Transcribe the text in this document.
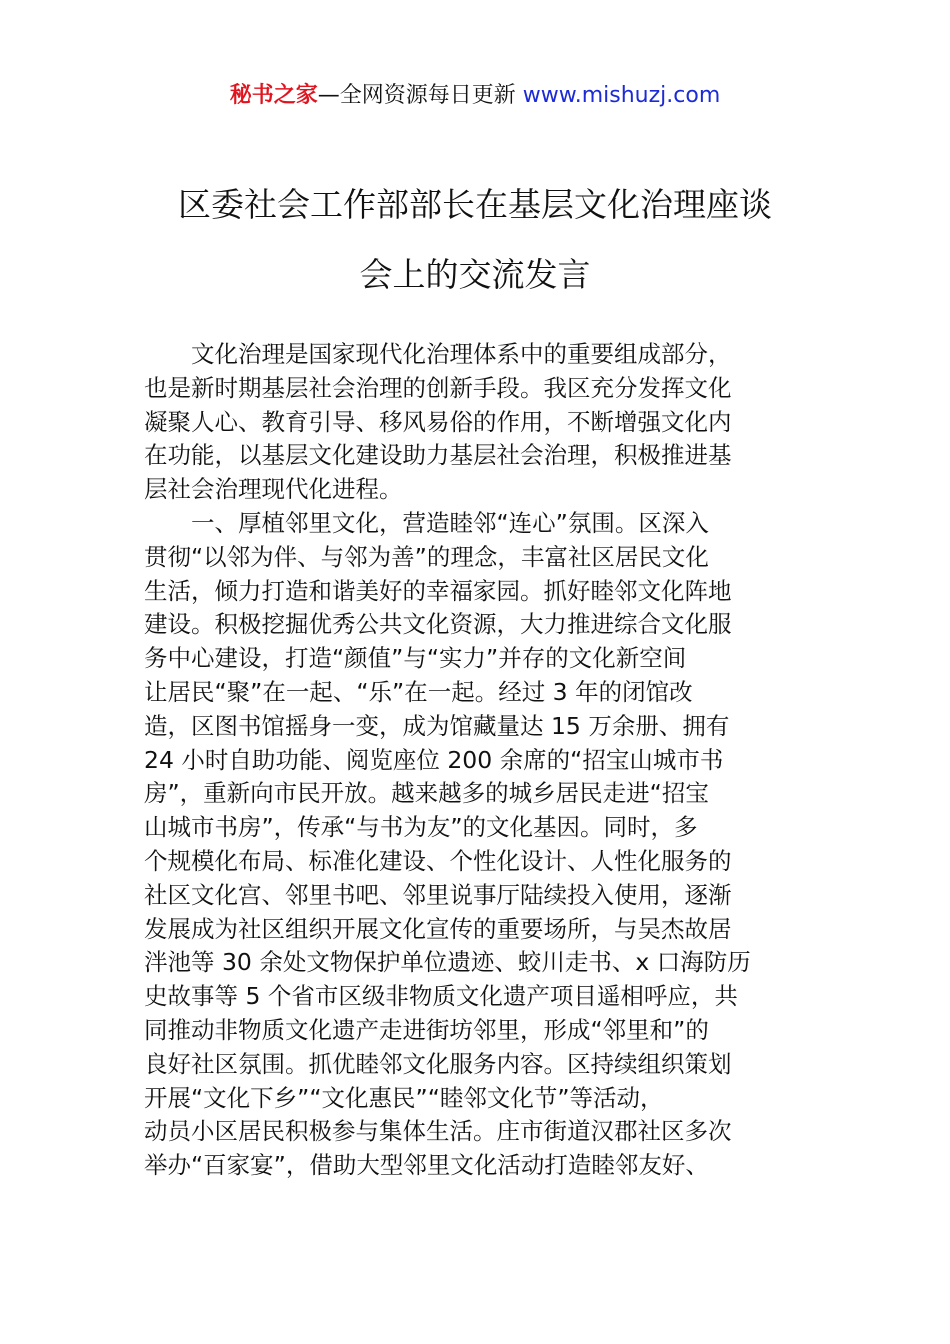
秘书之家—全网资源每日更新 www.mishuzj.com
区委社会工作部部长在基层文化治理座谈
会上的交流发言
文化治理是国家现代化治理体系中的重要组成部分，
也是新时期基层社会治理的创新手段。我区充分发挥文化
凝聚人心、教育引导、移风易俗的作用，不断增强文化内
在功能，以基层文化建设助力基层社会治理，积极推进基
层社会治理现代化进程。
一、厚植邻里文化，营造睦邻“连心”氛围。区深入
贯彻“以邻为伴、与邻为善”的理念，丰富社区居民文化
生活，倾力打造和谐美好的幸福家园。抓好睦邻文化阵地
建设。积极挖掘优秀公共文化资源，大力推进综合文化服
务中心建设，打造“颜值”与“实力”并存的文化新空间
让居民“聚”在一起、“乐”在一起。经过 3 年的闭馆改
造，区图书馆摇身一变，成为馆藏量达 15 万余册、拥有
24 小时自助功能、阅览座位 200 余席的“招宝山城市书
房”，重新向市民开放。越来越多的城乡居民走进“招宝
山城市书房”，传承“与书为友”的文化基因。同时，多
个规模化布局、标准化建设、个性化设计、人性化服务的
社区文化宫、邻里书吧、邻里说事厅陆续投入使用，逐渐
发展成为社区组织开展文化宣传的重要场所，与吴杰故居
泮池等 30 余处文物保护单位遗迹、蛟川走书、x 口海防历
史故事等 5 个省市区级非物质文化遗产项目遥相呼应，共
同推动非物质文化遗产走进街坊邻里，形成“邻里和”的
良好社区氛围。抓优睦邻文化服务内容。区持续组织策划
开展“文化下乡”“文化惠民”“睦邻文化节”等活动，
动员小区居民积极参与集体生活。庄市街道汉郡社区多次
举办“百家宴”，借助大型邻里文化活动打造睦邻友好、
